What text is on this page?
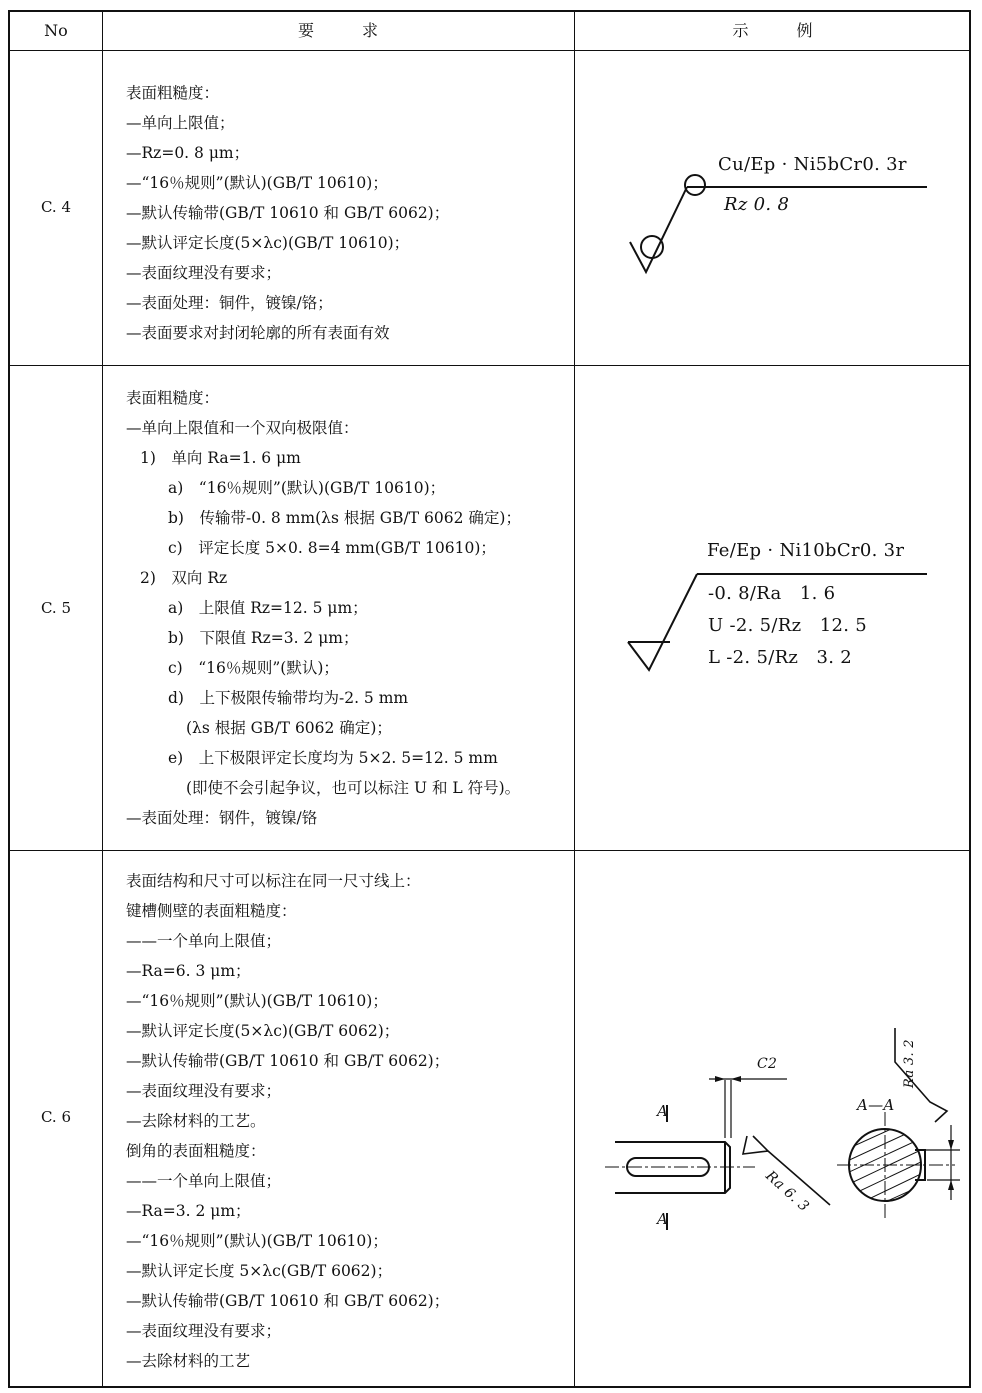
No	要　　　求	示　　　例
C. 4
表面粗糙度：
—单向上限值；
—Rz=0. 8 μm；
—“16％规则”(默认)(GB/T 10610)；
—默认传输带(GB/T 10610 和 GB/T 6062)；
—默认评定长度(5×λc)(GB/T 10610)；
—表面纹理没有要求；
—表面处理：铜件，镀镍/铬；
—表面要求对封闭轮廓的所有表面有效
Cu/Ep · Ni5bCr0. 3r
Rz 0. 8
C. 5
表面粗糙度：
—单向上限值和一个双向极限值：
1)　单向 Ra=1. 6 μm
a)　“16％规则”(默认)(GB/T 10610)；
b)　传输带-0. 8 mm(λs 根据 GB/T 6062 确定)；
c)　评定长度 5×0. 8=4 mm(GB/T 10610)；
2)　双向 Rz
a)　上限值 Rz=12. 5 μm；
b)　下限值 Rz=3. 2 μm；
c)　“16％规则”(默认)；
d)　上下极限传输带均为-2. 5 mm
(λs 根据 GB/T 6062 确定)；
e)　上下极限评定长度均为 5×2. 5=12. 5 mm
(即使不会引起争议，也可以标注 U 和 L 符号)。
—表面处理：钢件，镀镍/铬
Fe/Ep · Ni10bCr0. 3r
-0. 8/Ra　1. 6
U -2. 5/Rz　12. 5
L -2. 5/Rz　3. 2
C. 6
表面结构和尺寸可以标注在同一尺寸线上：
键槽侧壁的表面粗糙度：
——一个单向上限值；
—Ra=6. 3 μm；
—“16％规则”(默认)(GB/T 10610)；
—默认评定长度(5×λc)(GB/T 6062)；
—默认传输带(GB/T 10610 和 GB/T 6062)；
—表面纹理没有要求；
—去除材料的工艺。
倒角的表面粗糙度：
——一个单向上限值；
—Ra=3. 2 μm；
—“16％规则”(默认)(GB/T 10610)；
—默认评定长度 5×λc(GB/T 6062)；
—默认传输带(GB/T 10610 和 GB/T 6062)；
—表面纹理没有要求；
—去除材料的工艺
C2
A
A
A—A
Ra 6. 3
Ra 3. 2
